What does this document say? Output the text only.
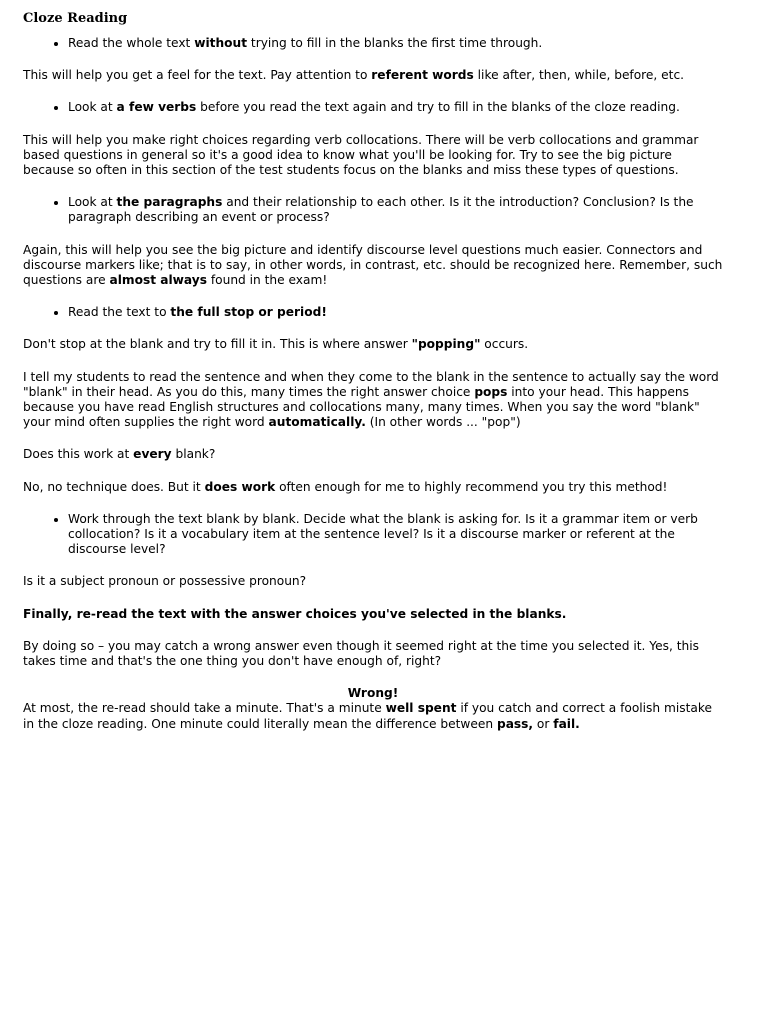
Cloze Reading
• Read the whole text without trying to fill in the blanks the first time through.

This will help you get a feel for the text. Pay attention to referent words like after, then, while, before, etc.

• Look at a few verbs before you read the text again and try to fill in the blanks of the cloze reading.

This will help you make right choices regarding verb collocations. There will be verb collocations and grammar based questions in general so it's a good idea to know what you'll be looking for. Try to see the big picture because so often in this section of the test students focus on the blanks and miss these types of questions.

• Look at the paragraphs and their relationship to each other. Is it the introduction? Conclusion? Is the paragraph describing an event or process?

Again, this will help you see the big picture and identify discourse level questions much easier. Connectors and discourse markers like; that is to say, in other words, in contrast, etc. should be recognized here. Remember, such questions are almost always found in the exam!

• Read the text to the full stop or period!

Don't stop at the blank and try to fill it in. This is where answer "popping" occurs.

I tell my students to read the sentence and when they come to the blank in the sentence to actually say the word "blank" in their head. As you do this, many times the right answer choice pops into your head. This happens because you have read English structures and collocations many, many times. When you say the word "blank" your mind often supplies the right word automatically. (In other words ... "pop")

Does this work at every blank?

No, no technique does. But it does work often enough for me to highly recommend you try this method!

• Work through the text blank by blank. Decide what the blank is asking for. Is it a grammar item or verb collocation? Is it a vocabulary item at the sentence level? Is it a discourse marker or referent at the discourse level?

Is it a subject pronoun or possessive pronoun?

Finally, re-read the text with the answer choices you've selected in the blanks.

By doing so – you may catch a wrong answer even though it seemed right at the time you selected it. Yes, this takes time and that's the one thing you don't have enough of, right?

Wrong!

At most, the re-read should take a minute. That's a minute well spent if you catch and correct a foolish mistake in the cloze reading. One minute could literally mean the difference between pass, or fail.
